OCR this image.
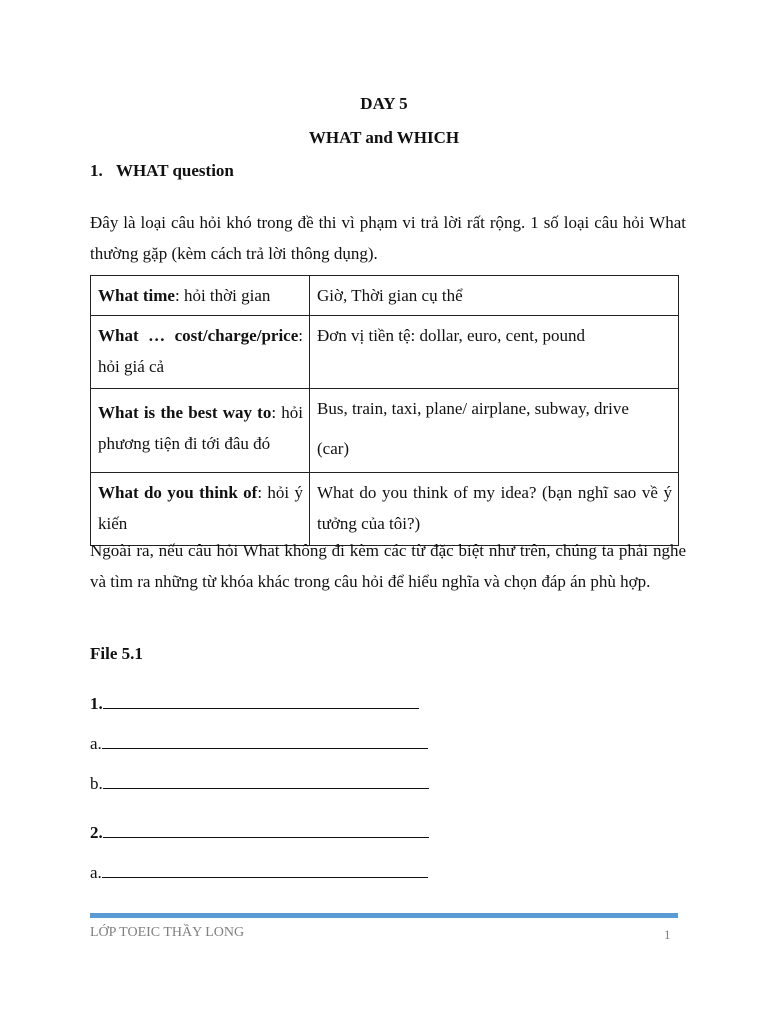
DAY 5
WHAT and WHICH
1. WHAT question
Đây là loại câu hỏi khó trong đề thi vì phạm vi trả lời rất rộng. 1 số loại câu hỏi What thường gặp (kèm cách trả lời thông dụng).
What time: hỏi thời gian	Giờ, Thời gian cụ thể
What … cost/charge/price: hỏi giá cả	Đơn vị tiền tệ: dollar, euro, cent, pound
What is the best way to: hỏi phương tiện đi tới đâu đó	Bus, train, taxi, plane/ airplane, subway, drive
(car)

What do you think of: hỏi ý kiến	What do you think of my idea? (bạn nghĩ sao về ý tưởng của tôi?)
Ngoài ra, nếu câu hỏi What không đi kèm các từ đặc biệt như trên, chúng ta phải nghe và tìm ra những từ khóa khác trong câu hỏi để hiểu nghĩa và chọn đáp án phù hợp.
File 5.1
1.
a.
b.
2.
a.
LỚP TOEIC THẦY LONG	1
